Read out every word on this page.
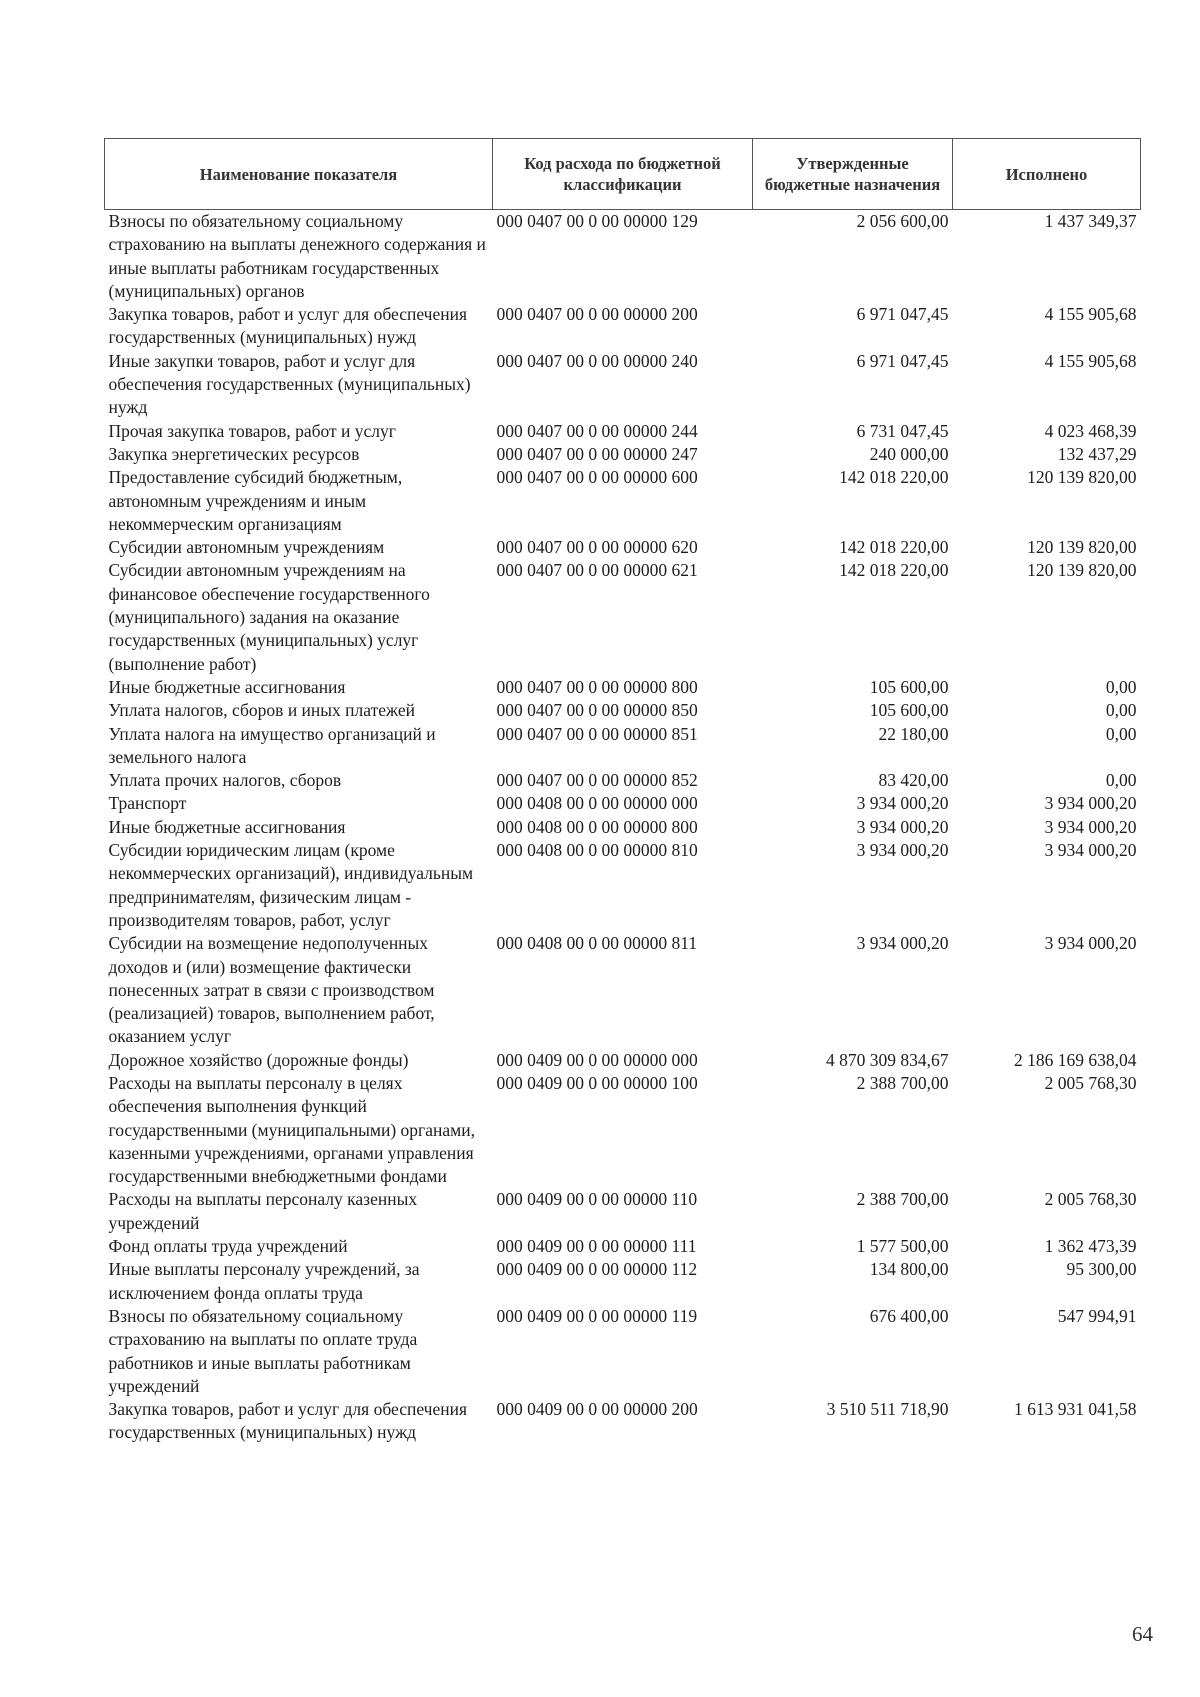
Наименование показателя	Код расхода по бюджетной классификации	Утвержденные бюджетные назначения	Исполнено
Взносы по обязательному социальному страхованию на выплаты денежного содержания и иные выплаты работникам государственных (муниципальных) органов	000 0407 00 0 00 00000 129	2 056 600,00	1 437 349,37
Закупка товаров, работ и услуг для обеспечения государственных (муниципальных) нужд	000 0407 00 0 00 00000 200	6 971 047,45	4 155 905,68
Иные закупки товаров, работ и услуг для обеспечения государственных (муниципальных) нужд	000 0407 00 0 00 00000 240	6 971 047,45	4 155 905,68
Прочая закупка товаров, работ и услуг	000 0407 00 0 00 00000 244	6 731 047,45	4 023 468,39
Закупка энергетических ресурсов	000 0407 00 0 00 00000 247	240 000,00	132 437,29
Предоставление субсидий бюджетным, автономным учреждениям и иным некоммерческим организациям	000 0407 00 0 00 00000 600	142 018 220,00	120 139 820,00
Субсидии автономным учреждениям	000 0407 00 0 00 00000 620	142 018 220,00	120 139 820,00
Субсидии автономным учреждениям на финансовое обеспечение государственного (муниципального) задания на оказание государственных (муниципальных) услуг (выполнение работ)	000 0407 00 0 00 00000 621	142 018 220,00	120 139 820,00
Иные бюджетные ассигнования	000 0407 00 0 00 00000 800	105 600,00	0,00
Уплата налогов, сборов и иных платежей	000 0407 00 0 00 00000 850	105 600,00	0,00
Уплата налога на имущество организаций и земельного налога	000 0407 00 0 00 00000 851	22 180,00	0,00
Уплата прочих налогов, сборов	000 0407 00 0 00 00000 852	83 420,00	0,00
Транспорт	000 0408 00 0 00 00000 000	3 934 000,20	3 934 000,20
Иные бюджетные ассигнования	000 0408 00 0 00 00000 800	3 934 000,20	3 934 000,20
Субсидии юридическим лицам (кроме некоммерческих организаций), индивидуальным предпринимателям, физическим лицам - производителям товаров, работ, услуг	000 0408 00 0 00 00000 810	3 934 000,20	3 934 000,20
Субсидии на возмещение недополученных доходов и (или) возмещение фактически понесенных затрат в связи с производством (реализацией) товаров, выполнением работ, оказанием услуг	000 0408 00 0 00 00000 811	3 934 000,20	3 934 000,20
Дорожное хозяйство (дорожные фонды)	000 0409 00 0 00 00000 000	4 870 309 834,67	2 186 169 638,04
Расходы на выплаты персоналу в целях обеспечения выполнения функций государственными (муниципальными) органами, казенными учреждениями, органами управления государственными внебюджетными фондами	000 0409 00 0 00 00000 100	2 388 700,00	2 005 768,30
Расходы на выплаты персоналу казенных учреждений	000 0409 00 0 00 00000 110	2 388 700,00	2 005 768,30
Фонд оплаты труда учреждений	000 0409 00 0 00 00000 111	1 577 500,00	1 362 473,39
Иные выплаты персоналу учреждений, за исключением фонда оплаты труда	000 0409 00 0 00 00000 112	134 800,00	95 300,00
Взносы по обязательному социальному страхованию на выплаты по оплате труда работников и иные выплаты работникам учреждений	000 0409 00 0 00 00000 119	676 400,00	547 994,91
Закупка товаров, работ и услуг для обеспечения государственных (муниципальных) нужд	000 0409 00 0 00 00000 200	3 510 511 718,90	1 613 931 041,58
64
